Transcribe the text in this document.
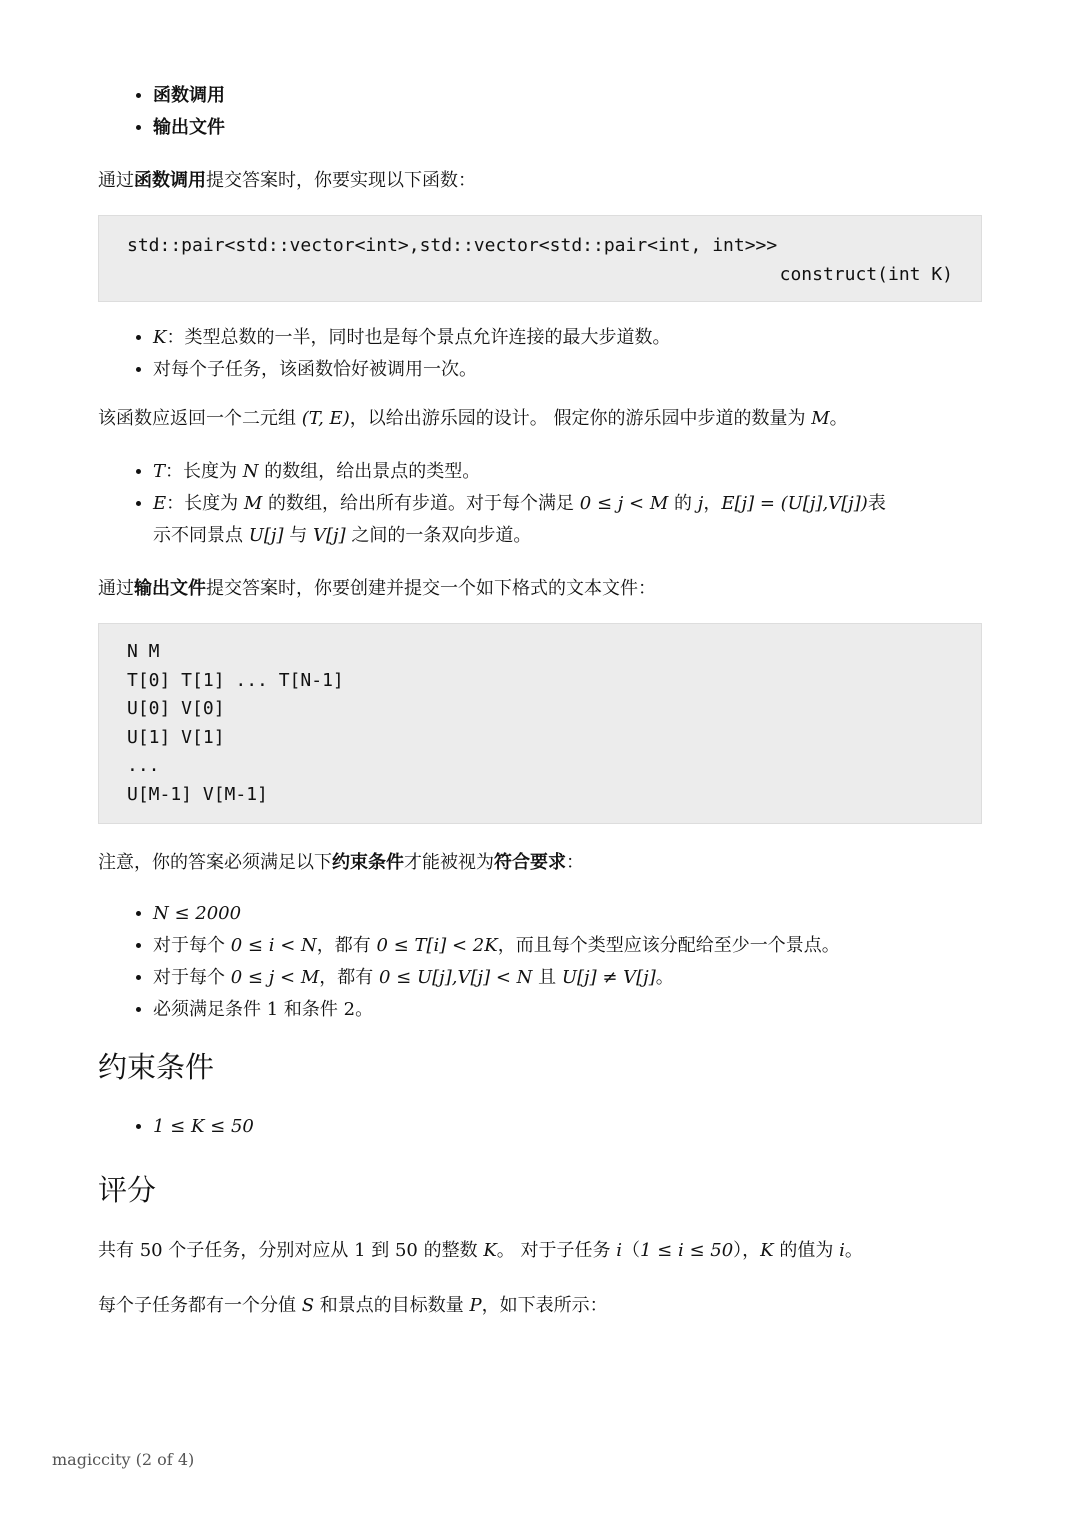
• 函数调用
• 输出文件

通过函数调用提交答案时，你要实现以下函数：

std::pair<std::vector<int>,std::vector<std::pair<int, int>>>
construct(int K)
• K：类型总数的一半，同时也是每个景点允许连接的最大步道数。
• 对每个子任务，该函数恰好被调用一次。

该函数应返回一个二元组 (T, E)，以给出游乐园的设计。 假定你的游乐园中步道的数量为 M。

• T：长度为 N 的数组，给出景点的类型。
• E：长度为 M 的数组，给出所有步道。对于每个满足 0 ≤ j < M 的 j，E[j] = (U[j],V[j])表
示不同景点 U[j] 与 V[j] 之间的一条双向步道。

通过输出文件提交答案时，你要创建并提交一个如下格式的文本文件：

N M
T[0] T[1] ... T[N-1]
U[0] V[0]
U[1] V[1]
...
U[M-1] V[M-1]

注意，你的答案必须满足以下约束条件才能被视为符合要求：

• N ≤ 2000
• 对于每个 0 ≤ i < N，都有 0 ≤ T[i] < 2K，而且每个类型应该分配给至少一个景点。
• 对于每个 0 ≤ j < M，都有 0 ≤ U[j],V[j] < N 且 U[j] ≠ V[j]。
• 必须满足条件 1 和条件 2。
约束条件
• 1 ≤ K ≤ 50
评分

共有 50 个子任务，分别对应从 1 到 50 的整数 K。 对于子任务 i（1 ≤ i ≤ 50），K 的值为 i。

每个子任务都有一个分值 S 和景点的目标数量 P，如下表所示：

magiccity (2 of 4)
